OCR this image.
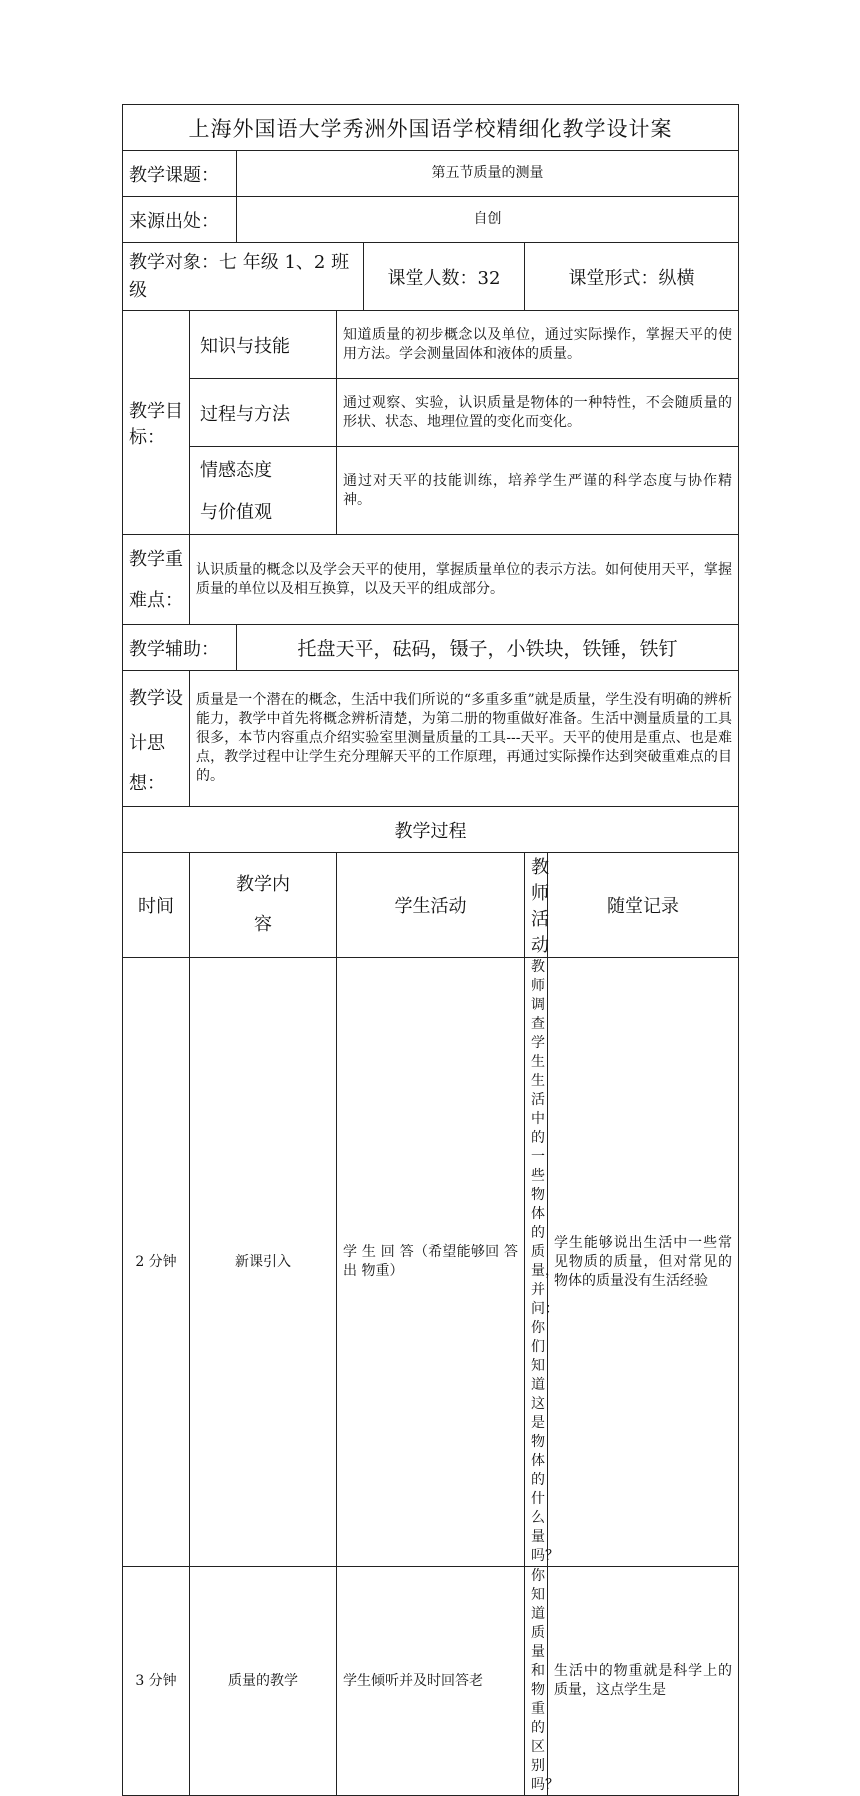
上海外国语大学秀洲外国语学校精细化教学设计案						
教学课题：		第五节质量的测量				
来源出处：		自创				
教学对象：七 年级 1、2 班级				课堂人数：32	课堂形式：纵横	
教学目标：	知识与技能		知道质量的初步概念以及单位，通过实际操作，掌握天平的使用方法。学会测量固体和液体的质量。			
	过程与方法		通过观察、实验，认识质量是物体的一种特性，不会随质量的形状、状态、地理位置的变化而变化。			

	情感态度
与价值观		通过对天平的技能训练，培养学生严谨的科学态度与协作精神。			

教学重
难点：	认识质量的概念以及学会天平的使用，掌握质量单位的表示方法。如何使用天平，掌握质量的单位以及相互换算，以及天平的组成部分。					
教学辅助：		托盘天平，砝码，镊子，小铁块，铁锤，铁钉				

教学设
计思想：	质量是一个潜在的概念，生活中我们所说的“多重多重”就是质量，学生没有明确的辨析能力，教学中首先将概念辨析清楚，为第二册的物重做好准备。生活中测量质量的工具很多，本节内容重点介绍实验室里测量质量的工具---天平。天平的使用是重点、也是难点，教学过程中让学生充分理解天平的工作原理，再通过实际操作达到突破重难点的目的。					
教学过程						
时间	教学内
容		学生活动		教师活动	随堂记录
2 分钟	新课引入		学 生 回 答（希望能够回 答 出 物重）		教师调查学生生活中的一些物体的质量，并问：你们知道这是物体的什么量吗？	学生能够说出生活中一些常见物质的质量，但对常见的物体的质量没有生活经验
3 分钟	质量的教学		学生倾听并及时回答老		你知道质量和物重的区别吗？	生活中的物重就是科学上的质量，这点学生是
